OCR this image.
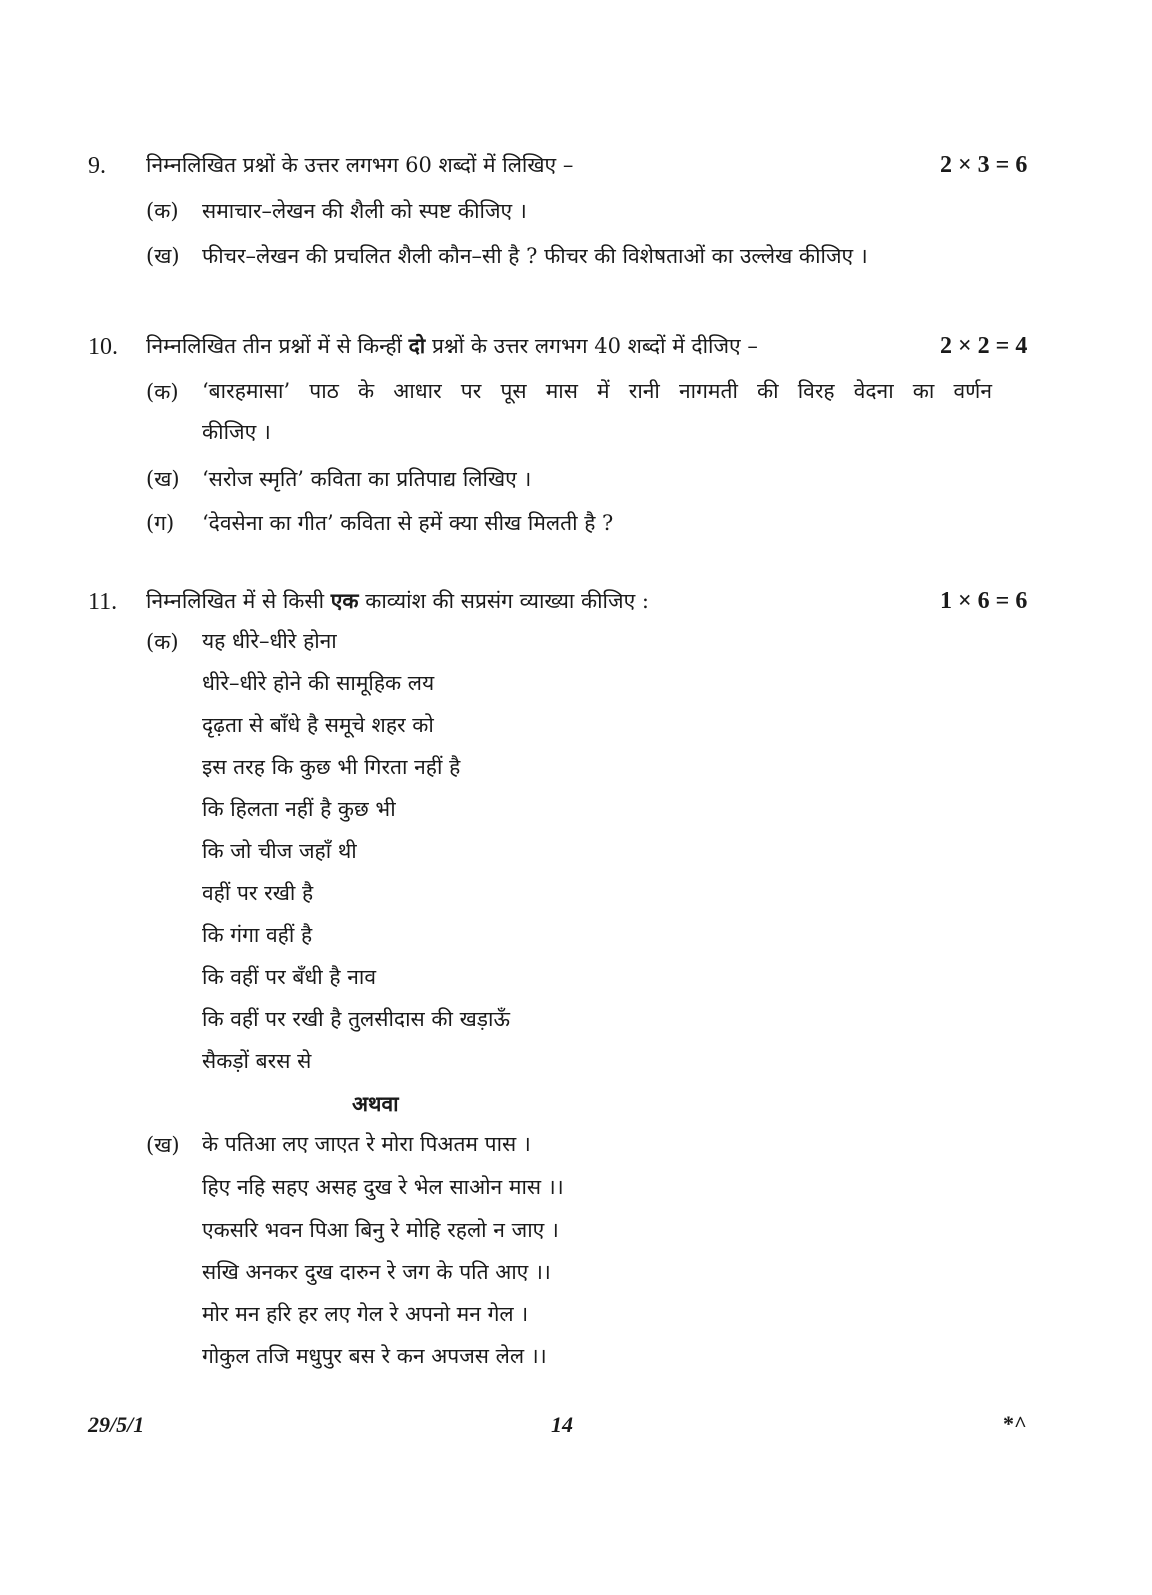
9. निम्नलिखित प्रश्नों के उत्तर लगभग 60 शब्दों में लिखिए –	2 × 3 = 6
(क) समाचार–लेखन की शैली को स्पष्ट कीजिए ।
(ख) फीचर–लेखन की प्रचलित शैली कौन–सी है ? फीचर की विशेषताओं का उल्लेख कीजिए ।
10. निम्नलिखित तीन प्रश्नों में से किन्हीं दो प्रश्नों के उत्तर लगभग 40 शब्दों में दीजिए –	2 × 2 = 4
(क) ‘बारहमासा’ पाठ के आधार पर पूस मास में रानी नागमती की विरह वेदना का वर्णन
कीजिए ।
(ख) ‘सरोज स्मृति’ कविता का प्रतिपाद्य लिखिए ।
(ग) ‘देवसेना का गीत’ कविता से हमें क्या सीख मिलती है ?
11. निम्नलिखित में से किसी एक काव्यांश की सप्रसंग व्याख्या कीजिए :	1 × 6 = 6
(क) यह धीरे–धीरे होना
धीरे–धीरे होने की सामूहिक लय
दृढ़ता से बाँधे है समूचे शहर को
इस तरह कि कुछ भी गिरता नहीं है
कि हिलता नहीं है कुछ भी
कि जो चीज जहाँ थी
वहीं पर रखी है
कि गंगा वहीं है
कि वहीं पर बँधी है नाव
कि वहीं पर रखी है तुलसीदास की खड़ाऊँ
सैकड़ों बरस से
अथवा
(ख) के पतिआ लए जाएत रे मोरा पिअतम पास ।
हिए नहि सहए असह दुख रे भेल साओन मास ।।
एकसरि भवन पिआ बिनु रे मोहि रहलो न जाए ।
सखि अनकर दुख दारुन रे जग के पति आए ।।
मोर मन हरि हर लए गेल रे अपनो मन गेल ।
गोकुल तजि मधुपुर बस रे कन अपजस लेल ।।
29/5/1	14	*^
